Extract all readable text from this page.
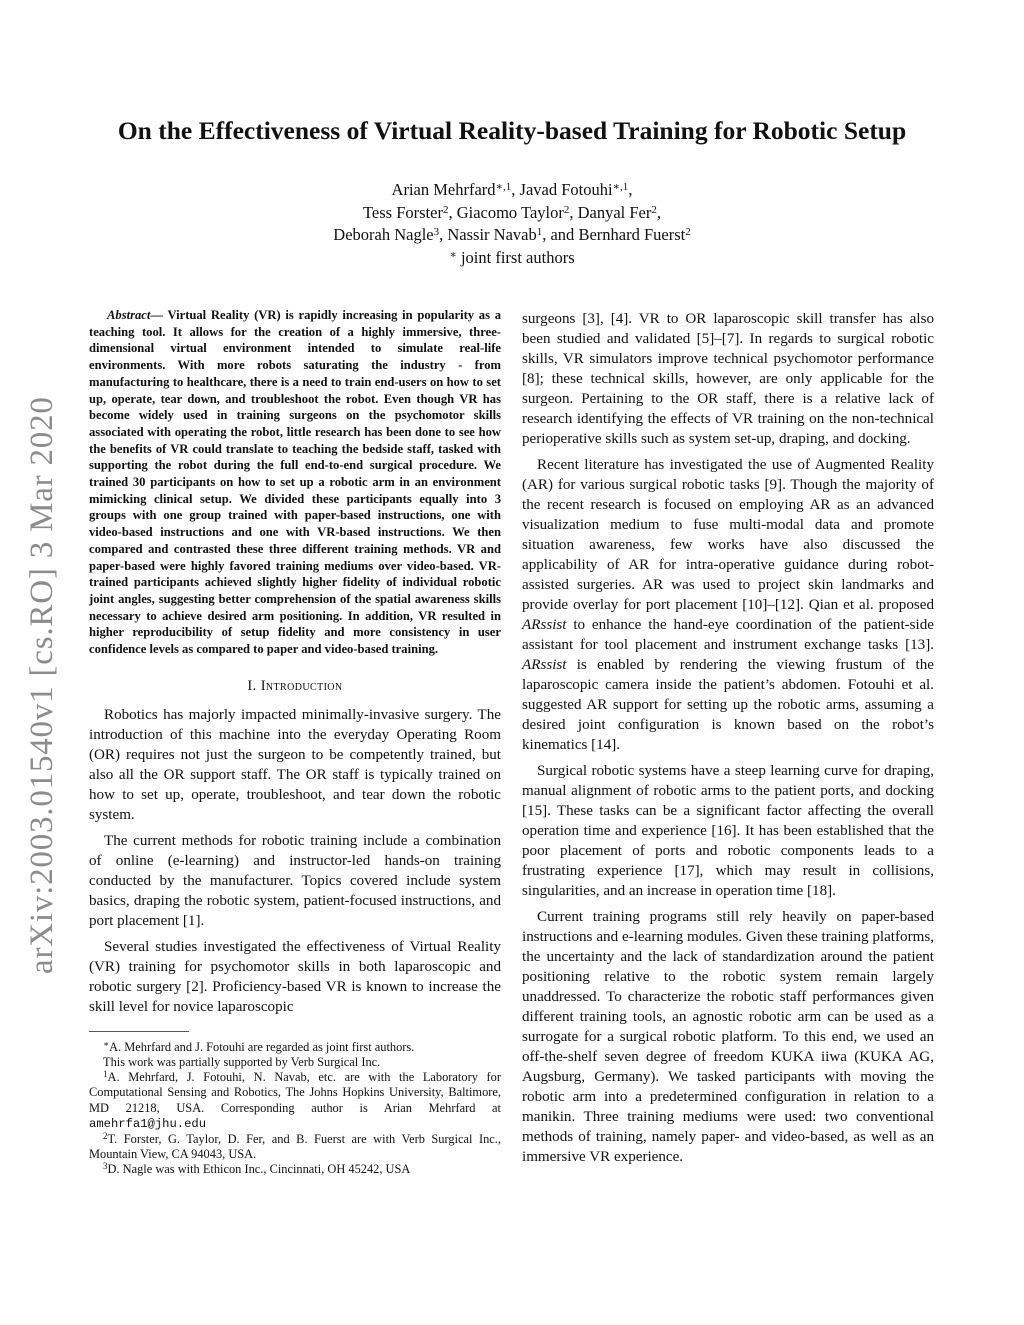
arXiv:2003.01540v1 [cs.RO] 3 Mar 2020
On the Effectiveness of Virtual Reality-based Training for Robotic Setup
Arian Mehrfard$^{∗,1}$, Javad Fotouhi$^{∗,1}$,
Tess Forster$^2$, Giacomo Taylor$^2$, Danyal Fer$^2$,
Deborah Nagle$^3$, Nassir Navab$^1$, and Bernhard Fuerst$^2$
∗ joint first authors

Abstract— Virtual Reality (VR) is rapidly increasing in popularity as a teaching tool. It allows for the creation of a highly immersive, three-dimensional virtual environment intended to simulate real-life environments. With more robots saturating the industry - from manufacturing to healthcare, there is a need to train end-users on how to set up, operate, tear down, and troubleshoot the robot. Even though VR has become widely used in training surgeons on the psychomotor skills associated with operating the robot, little research has been done to see how the benefits of VR could translate to teaching the bedside staff, tasked with supporting the robot during the full end-to-end surgical procedure. We trained 30 participants on how to set up a robotic arm in an environment mimicking clinical setup. We divided these participants equally into 3 groups with one group trained with paper-based instructions, one with video-based instructions and one with VR-based instructions. We then compared and contrasted these three different training methods. VR and paper-based were highly favored training mediums over video-based. VR-trained participants achieved slightly higher fidelity of individual robotic joint angles, suggesting better comprehension of the spatial awareness skills necessary to achieve desired arm positioning. In addition, VR resulted in higher reproducibility of setup fidelity and more consistency in user confidence levels as compared to paper and video-based training.

I. Introduction

Robotics has majorly impacted minimally-invasive surgery. The introduction of this machine into the everyday Operating Room (OR) requires not just the surgeon to be competently trained, but also all the OR support staff. The OR staff is typically trained on how to set up, operate, troubleshoot, and tear down the robotic system.

The current methods for robotic training include a combination of online (e-learning) and instructor-led hands-on training conducted by the manufacturer. Topics covered include system basics, draping the robotic system, patient-focused instructions, and port placement [1].

Several studies investigated the effectiveness of Virtual Reality (VR) training for psychomotor skills in both laparoscopic and robotic surgery [2]. Proficiency-based VR is known to increase the skill level for novice laparoscopic

∗A. Mehrfard and J. Fotouhi are regarded as joint first authors.

This work was partially supported by Verb Surgical Inc.

$^1$A. Mehrfard, J. Fotouhi, N. Navab, etc. are with the Laboratory for Computational Sensing and Robotics, The Johns Hopkins University, Baltimore, MD 21218, USA. Corresponding author is Arian Mehrfard at amehrfa1@jhu.edu

$^2$T. Forster, G. Taylor, D. Fer, and B. Fuerst are with Verb Surgical Inc., Mountain View, CA 94043, USA.

$^3$D. Nagle was with Ethicon Inc., Cincinnati, OH 45242, USA

surgeons [3], [4]. VR to OR laparoscopic skill transfer has also been studied and validated [5]–[7]. In regards to surgical robotic skills, VR simulators improve technical psychomotor performance [8]; these technical skills, however, are only applicable for the surgeon. Pertaining to the OR staff, there is a relative lack of research identifying the effects of VR training on the non-technical perioperative skills such as system set-up, draping, and docking.

Recent literature has investigated the use of Augmented Reality (AR) for various surgical robotic tasks [9]. Though the majority of the recent research is focused on employing AR as an advanced visualization medium to fuse multi-modal data and promote situation awareness, few works have also discussed the applicability of AR for intra-operative guidance during robot-assisted surgeries. AR was used to project skin landmarks and provide overlay for port placement [10]–[12]. Qian et al. proposed ARssist to enhance the hand-eye coordination of the patient-side assistant for tool placement and instrument exchange tasks [13]. ARssist is enabled by rendering the viewing frustum of the laparoscopic camera inside the patient’s abdomen. Fotouhi et al. suggested AR support for setting up the robotic arms, assuming a desired joint configuration is known based on the robot’s kinematics [14].

Surgical robotic systems have a steep learning curve for draping, manual alignment of robotic arms to the patient ports, and docking [15]. These tasks can be a significant factor affecting the overall operation time and experience [16]. It has been established that the poor placement of ports and robotic components leads to a frustrating experience [17], which may result in collisions, singularities, and an increase in operation time [18].

Current training programs still rely heavily on paper-based instructions and e-learning modules. Given these training platforms, the uncertainty and the lack of standardization around the patient positioning relative to the robotic system remain largely unaddressed. To characterize the robotic staff performances given different training tools, an agnostic robotic arm can be used as a surrogate for a surgical robotic platform. To this end, we used an off-the-shelf seven degree of freedom KUKA iiwa (KUKA AG, Augsburg, Germany). We tasked participants with moving the robotic arm into a predetermined configuration in relation to a manikin. Three training mediums were used: two conventional methods of training, namely paper- and video-based, as well as an immersive VR experience.
